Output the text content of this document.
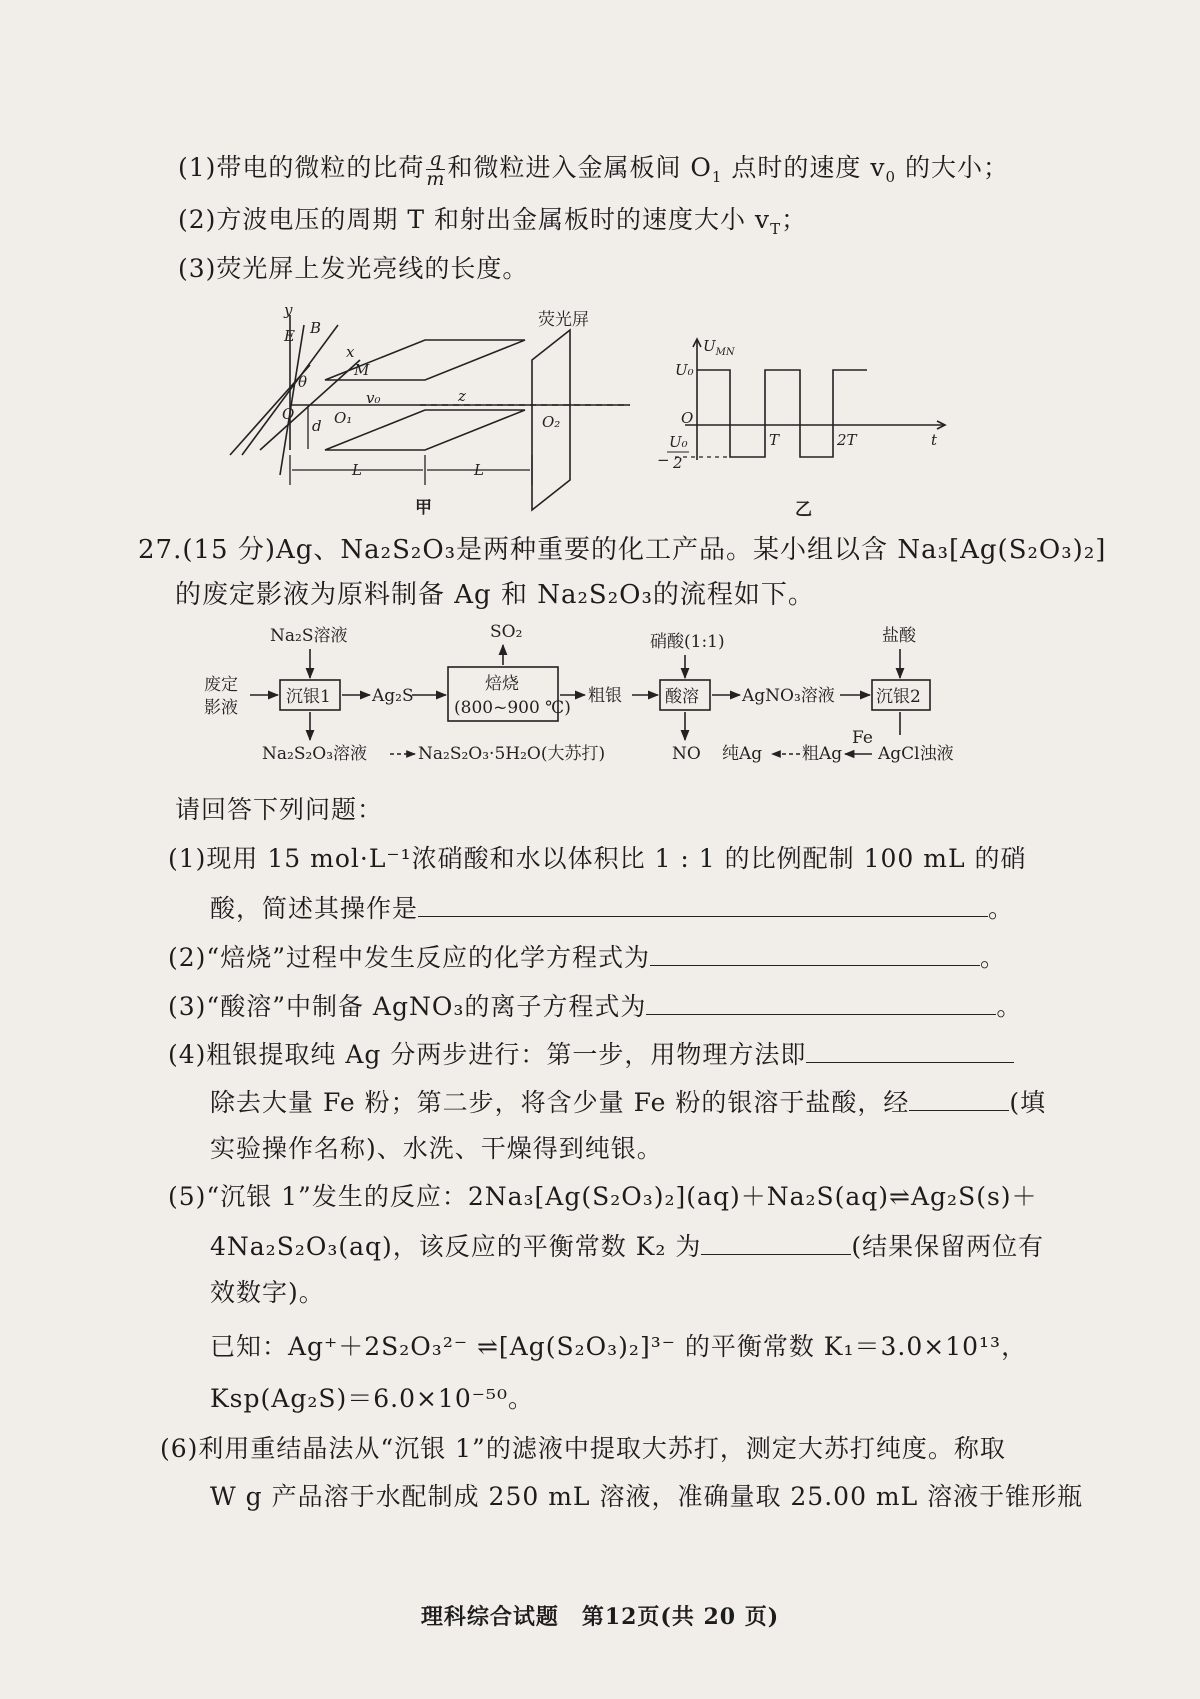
(1)带电的微粒的比荷 $\frac{q}{m}$ 和微粒进入金属板间 $O_1$ 点时的速度 $v_0$ 的大小；
(2)方波电压的周期 T 和射出金属板时的速度大小 $v_T$；
(3)荧光屏上发光亮线的长度。
y
E B
x
M
θ
O
d O₁
v₀	z
O₂
L	L
荧光屏
甲
$U_{MN}$
U₀
O
U₀
− 2
T	2T	t
乙
27.(15 分)Ag、Na₂S₂O₃是两种重要的化工产品。某小组以含 Na₃[Ag(S₂O₃)₂]
的废定影液为原料制备 Ag 和 Na₂S₂O₃的流程如下。
Na₂S溶液
废定
影液
沉银1 Ag₂S
SO₂
焙烧
(800~900 ℃)
粗银
硝酸(1:1)
酸溶	AgNO₃溶液
盐酸
沉银2
NO 纯Ag 粗Ag
Fe
AgCl浊液
Na₂S₂O₃溶液	Na₂S₂O₃·5H₂O(大苏打)
请回答下列问题：
(1)现用 15 mol·L⁻¹浓硝酸和水以体积比 1 : 1 的比例配制 100 mL 的硝
酸，简述其操作是	。
(2)“焙烧”过程中发生反应的化学方程式为	。
(3)“酸溶”中制备 AgNO₃的离子方程式为	。
(4)粗银提取纯 Ag 分两步进行：第一步，用物理方法即
除去大量 Fe 粉；第二步，将含少量 Fe 粉的银溶于盐酸，经	(填
实验操作名称)、水洗、干燥得到纯银。
(5)“沉银 1”发生的反应：2Na₃[Ag(S₂O₃)₂](aq)＋Na₂S(aq)⇌Ag₂S(s)＋
4Na₂S₂O₃(aq)，该反应的平衡常数 K₂ 为	(结果保留两位有
效数字)。
已知：Ag⁺＋2S₂O₃²⁻ ⇌[Ag(S₂O₃)₂]³⁻ 的平衡常数 K₁＝3.0×10¹³，
Ksp(Ag₂S)＝6.0×10⁻⁵⁰。
(6)利用重结晶法从“沉银 1”的滤液中提取大苏打，测定大苏打纯度。称取
W g 产品溶于水配制成 250 mL 溶液，准确量取 25.00 mL 溶液于锥形瓶
理科综合试题　第12页(共 20 页)
